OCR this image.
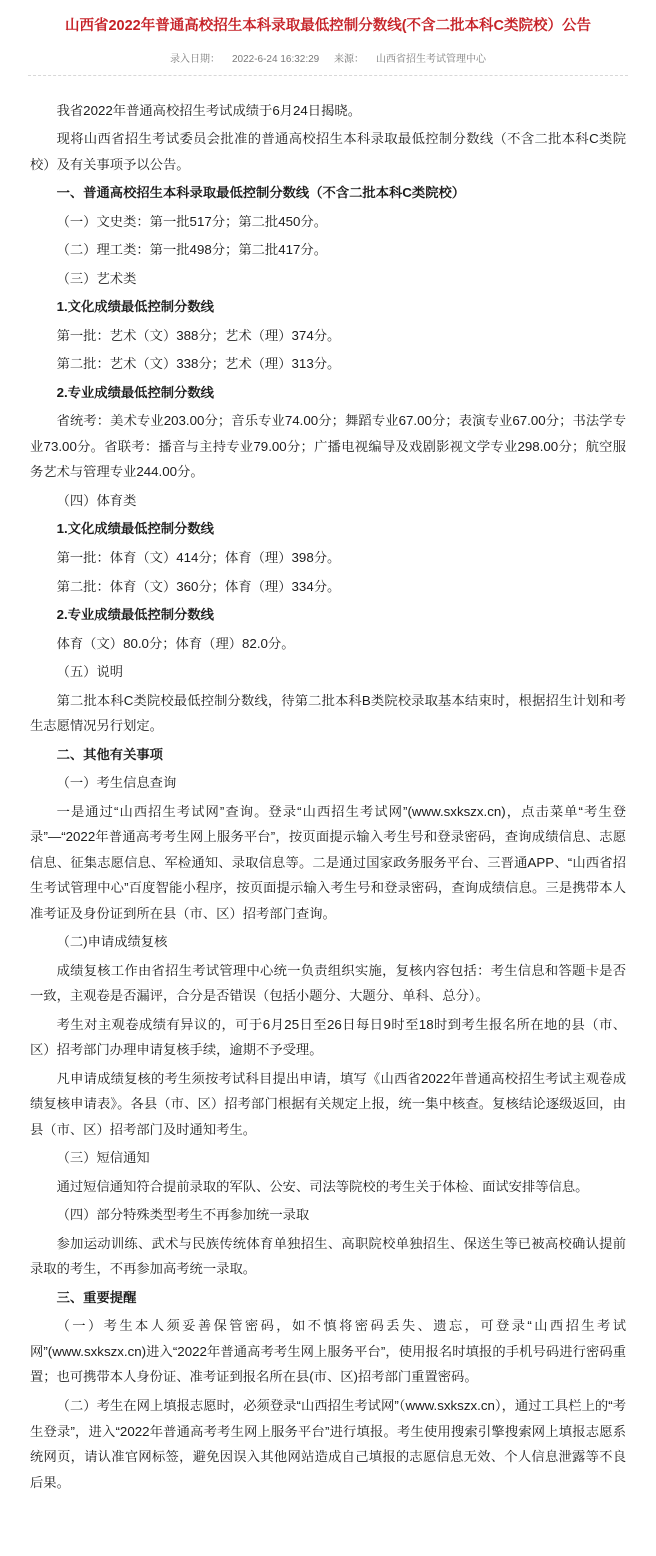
山西省2022年普通高校招生本科录取最低控制分数线(不含二批本科C类院校）公告
录入日期： 2022-6-24 16:32:29 来源： 山西省招生考试管理中心

我省2022年普通高校招生考试成绩于6月24日揭晓。

现将山西省招生考试委员会批准的普通高校招生本科录取最低控制分数线（不含二批本科C类院校）及有关事项予以公告。

一、普通高校招生本科录取最低控制分数线（不含二批本科C类院校）

（一）文史类：第一批517分；第二批450分。

（二）理工类：第一批498分；第二批417分。

（三）艺术类

1.文化成绩最低控制分数线

第一批：艺术（文）388分；艺术（理）374分。

第二批：艺术（文）338分；艺术（理）313分。

2.专业成绩最低控制分数线

省统考：美术专业203.00分；音乐专业74.00分；舞蹈专业67.00分；表演专业67.00分；书法学专业73.00分。省联考：播音与主持专业79.00分；广播电视编导及戏剧影视文学专业298.00分；航空服务艺术与管理专业244.00分。

（四）体育类

1.文化成绩最低控制分数线

第一批：体育（文）414分；体育（理）398分。

第二批：体育（文）360分；体育（理）334分。

2.专业成绩最低控制分数线

体育（文）80.0分；体育（理）82.0分。

（五）说明

第二批本科C类院校最低控制分数线，待第二批本科B类院校录取基本结束时，根据招生计划和考生志愿情况另行划定。

二、其他有关事项

（一）考生信息查询

一是通过“山西招生考试网”查询。登录“山西招生考试网”(www.sxkszx.cn)，点击菜单“考生登录”—“2022年普通高考考生网上服务平台”，按页面提示输入考生号和登录密码，查询成绩信息、志愿信息、征集志愿信息、军检通知、录取信息等。二是通过国家政务服务平台、三晋通APP、“山西省招生考试管理中心”百度智能小程序，按页面提示输入考生号和登录密码，查询成绩信息。三是携带本人准考证及身份证到所在县（市、区）招考部门查询。

（二)申请成绩复核

成绩复核工作由省招生考试管理中心统一负责组织实施，复核内容包括：考生信息和答题卡是否一致，主观卷是否漏评，合分是否错误（包括小题分、大题分、单科、总分）。

考生对主观卷成绩有异议的，可于6月25日至26日每日9时至18时到考生报名所在地的县（市、区）招考部门办理申请复核手续，逾期不予受理。

凡申请成绩复核的考生须按考试科目提出申请，填写《山西省2022年普通高校招生考试主观卷成绩复核申请表》。各县（市、区）招考部门根据有关规定上报，统一集中核查。复核结论逐级返回，由县（市、区）招考部门及时通知考生。

（三）短信通知

通过短信通知符合提前录取的军队、公安、司法等院校的考生关于体检、面试安排等信息。

（四）部分特殊类型考生不再参加统一录取

参加运动训练、武术与民族传统体育单独招生、高职院校单独招生、保送生等已被高校确认提前录取的考生，不再参加高考统一录取。

三、重要提醒

（一）考生本人须妥善保管密码，如不慎将密码丢失、遗忘，可登录“山西招生考试网”(www.sxkszx.cn)进入“2022年普通高考考生网上服务平台”，使用报名时填报的手机号码进行密码重置；也可携带本人身份证、准考证到报名所在县(市、区)招考部门重置密码。

（二）考生在网上填报志愿时，必须登录“山西招生考试网”（www.sxkszx.cn），通过工具栏上的“考生登录”，进入“2022年普通高考考生网上服务平台”进行填报。考生使用搜索引擎搜索网上填报志愿系统网页，请认准官网标签，避免因误入其他网站造成自己填报的志愿信息无效、个人信息泄露等不良后果。
